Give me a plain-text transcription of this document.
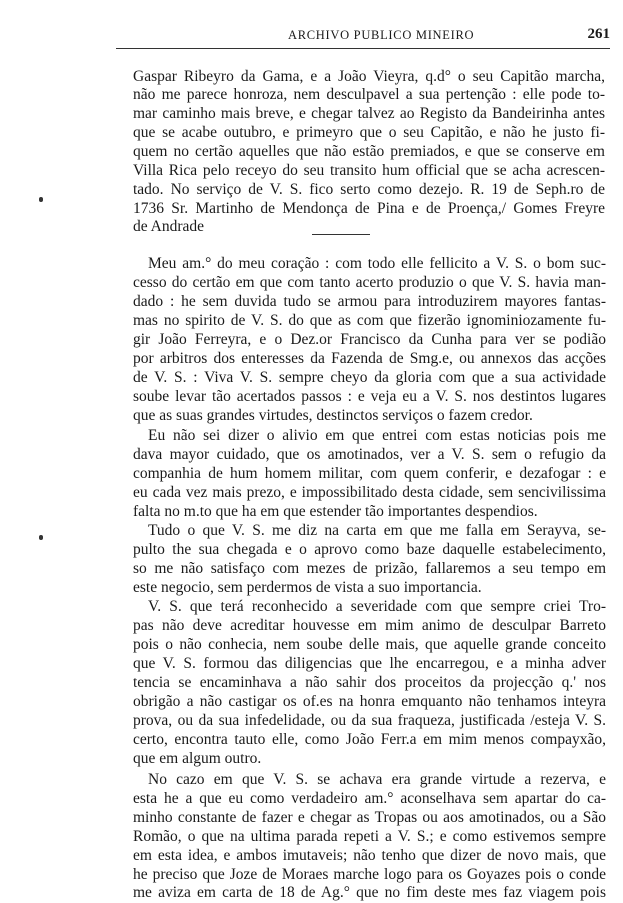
ARCHIVO PUBLICO MINEIRO	261
Gaspar Ribeyro da Gama, e a João Vieyra, q.d° o seu Capitão marcha,
não me parece honroza, nem desculpavel a sua pertenção : elle pode to-
mar caminho mais breve, e chegar talvez ao Registo da Bandeirinha antes
que se acabe outubro, e primeyro que o seu Capitão, e não he justo fi-
quem no certão aquelles que não estão premiados, e que se conserve em
Villa Rica pelo receyo do seu transito hum official que se acha acrescen-
tado. No serviço de V. S. fico serto como dezejo. R. 19 de Seph.ro de
1736 Sr. Martinho de Mendonça de Pina e de Proença,/ Gomes Freyre
de Andrade
Meu am.° do meu coração : com todo elle fellicito a V. S. o bom suc-
cesso do certão em que com tanto acerto produzio o que V. S. havia man-
dado : he sem duvida tudo se armou para introduzirem mayores fantas-
mas no spirito de V. S. do que as com que fizerão ignominiozamente fu-
gir João Ferreyra, e o Dez.or Francisco da Cunha para ver se podião
por arbitros dos enteresses da Fazenda de Smg.e, ou annexos das acções
de V. S. : Viva V. S. sempre cheyo da gloria com que a sua actividade
soube levar tão acertados passos : e veja eu a V. S. nos destintos lugares
que as suas grandes virtudes, destinctos serviços o fazem credor.
Eu não sei dizer o alivio em que entrei com estas noticias pois me
dava mayor cuidado, que os amotinados, ver a V. S. sem o refugio da
companhia de hum homem militar, com quem conferir, e dezafogar : e
eu cada vez mais prezo, e impossibilitado desta cidade, sem sencivilissima
falta no m.to que ha em que estender tão importantes despendios.
Tudo o que V. S. me diz na carta em que me falla em Serayva, se-
pulto the sua chegada e o aprovo como baze daquelle estabelecimento,
so me não satisfaço com mezes de prizão, fallaremos a seu tempo em
este negocio, sem perdermos de vista a suo importancia.
V. S. que terá reconhecido a severidade com que sempre criei Tro-
pas não deve acreditar houvesse em mim animo de desculpar Barreto
pois o não conhecia, nem soube delle mais, que aquelle grande conceito
que V. S. formou das diligencias que lhe encarregou, e a minha adver
tencia se encaminhava a não sahir dos proceitos da projecção q.' nos
obrigão a não castigar os of.es na honra emquanto não tenhamos inteyra
prova, ou da sua infedelidade, ou da sua fraqueza, justificada /esteja V. S.
certo, encontra tauto elle, como João Ferr.a em mim menos compayxão,
que em algum outro.
No cazo em que V. S. se achava era grande virtude a rezerva, e
esta he a que eu como verdadeiro am.° aconselhava sem apartar do ca-
minho constante de fazer e chegar as Tropas ou aos amotinados, ou a São
Romão, o que na ultima parada repeti a V. S.; e como estivemos sempre
em esta idea, e ambos imutaveis; não tenho que dizer de novo mais, que
he preciso que Joze de Moraes marche logo para os Goyazes pois o conde
me aviza em carta de 18 de Ag.° que no fim deste mes faz viagem pois
